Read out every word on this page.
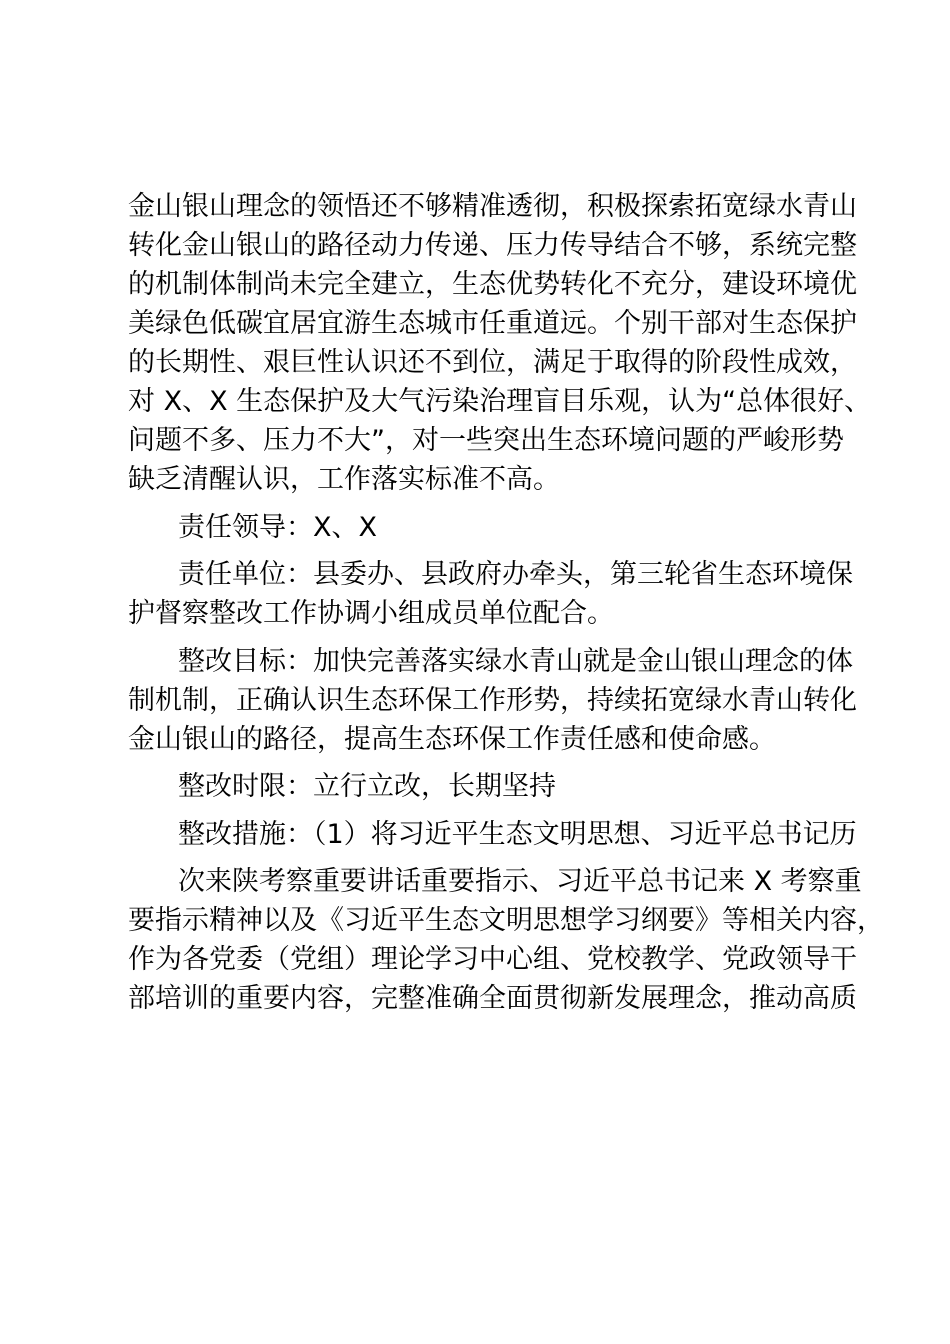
金山银山理念的领悟还不够精准透彻，积极探索拓宽绿水青山
转化金山银山的路径动力传递、压力传导结合不够，系统完整
的机制体制尚未完全建立，生态优势转化不充分，建设环境优
美绿色低碳宜居宜游生态城市任重道远。个别干部对生态保护
的长期性、艰巨性认识还不到位，满足于取得的阶段性成效，
对 X、X 生态保护及大气污染治理盲目乐观，认为“总体很好、
问题不多、压力不大”，对一些突出生态环境问题的严峻形势
缺乏清醒认识，工作落实标准不高。
责任领导：X、X
责任单位：县委办、县政府办牵头，第三轮省生态环境保
护督察整改工作协调小组成员单位配合。
整改目标：加快完善落实绿水青山就是金山银山理念的体
制机制，正确认识生态环保工作形势，持续拓宽绿水青山转化
金山银山的路径，提高生态环保工作责任感和使命感。
整改时限：立行立改，长期坚持
整改措施：（1）将习近平生态文明思想、习近平总书记历
次来陕考察重要讲话重要指示、习近平总书记来 X 考察重
要指示精神以及《习近平生态文明思想学习纲要》等相关内容，
作为各党委（党组）理论学习中心组、党校教学、党政领导干
部培训的重要内容，完整准确全面贯彻新发展理念，推动高质
